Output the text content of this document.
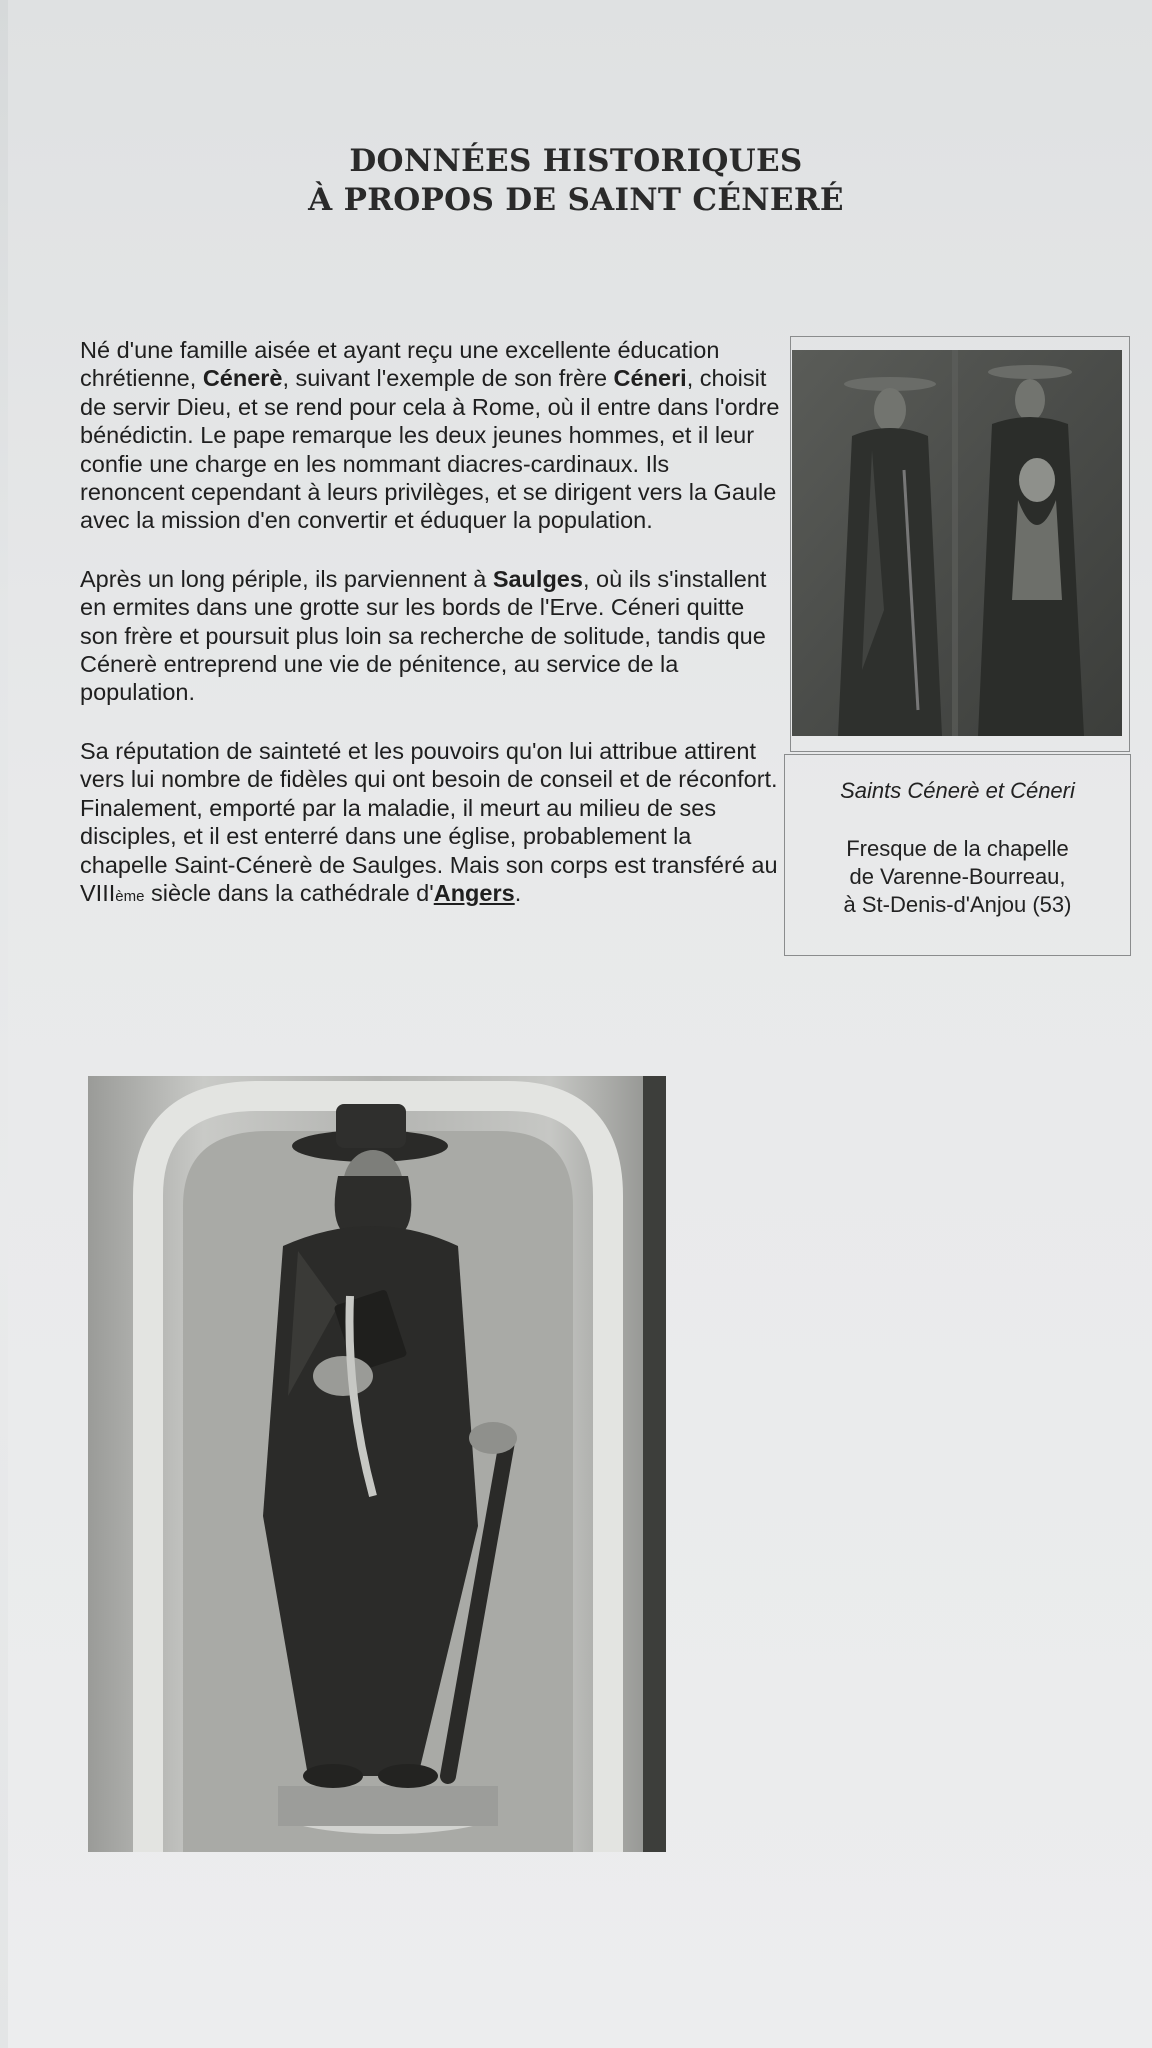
DONNÉES HISTORIQUES
À PROPOS DE SAINT CÉNERÉ

Né d'une famille aisée et ayant reçu une excellente éducation chrétienne, Cénerè, suivant l'exemple de son frère Céneri, choisit de servir Dieu, et se rend pour cela à Rome, où il entre dans l'ordre bénédictin. Le pape remarque les deux jeunes hommes, et il leur confie une charge en les nommant diacres-cardinaux. Ils renoncent cependant à leurs privilèges, et se dirigent vers la Gaule avec la mission d'en convertir et éduquer la population.

Après un long périple, ils parviennent à Saulges, où ils s'installent en ermites dans une grotte sur les bords de l'Erve. Céneri quitte son frère et poursuit plus loin sa recherche de solitude, tandis que Cénerè entreprend une vie de pénitence, au service de la population.

Sa réputation de sainteté et les pouvoirs qu'on lui attribue attirent vers lui nombre de fidèles qui ont besoin de conseil et de réconfort. Finalement, emporté par la maladie, il meurt au milieu de ses disciples, et il est enterré dans une église, probablement la chapelle Saint-Cénerè de Saulges. Mais son corps est transféré au VIIIème siècle dans la cathédrale d'Angers.

Saints Cénerè et Céneri
Fresque de la chapelle
de Varenne-Bourreau,
à St-Denis-d'Anjou (53)
